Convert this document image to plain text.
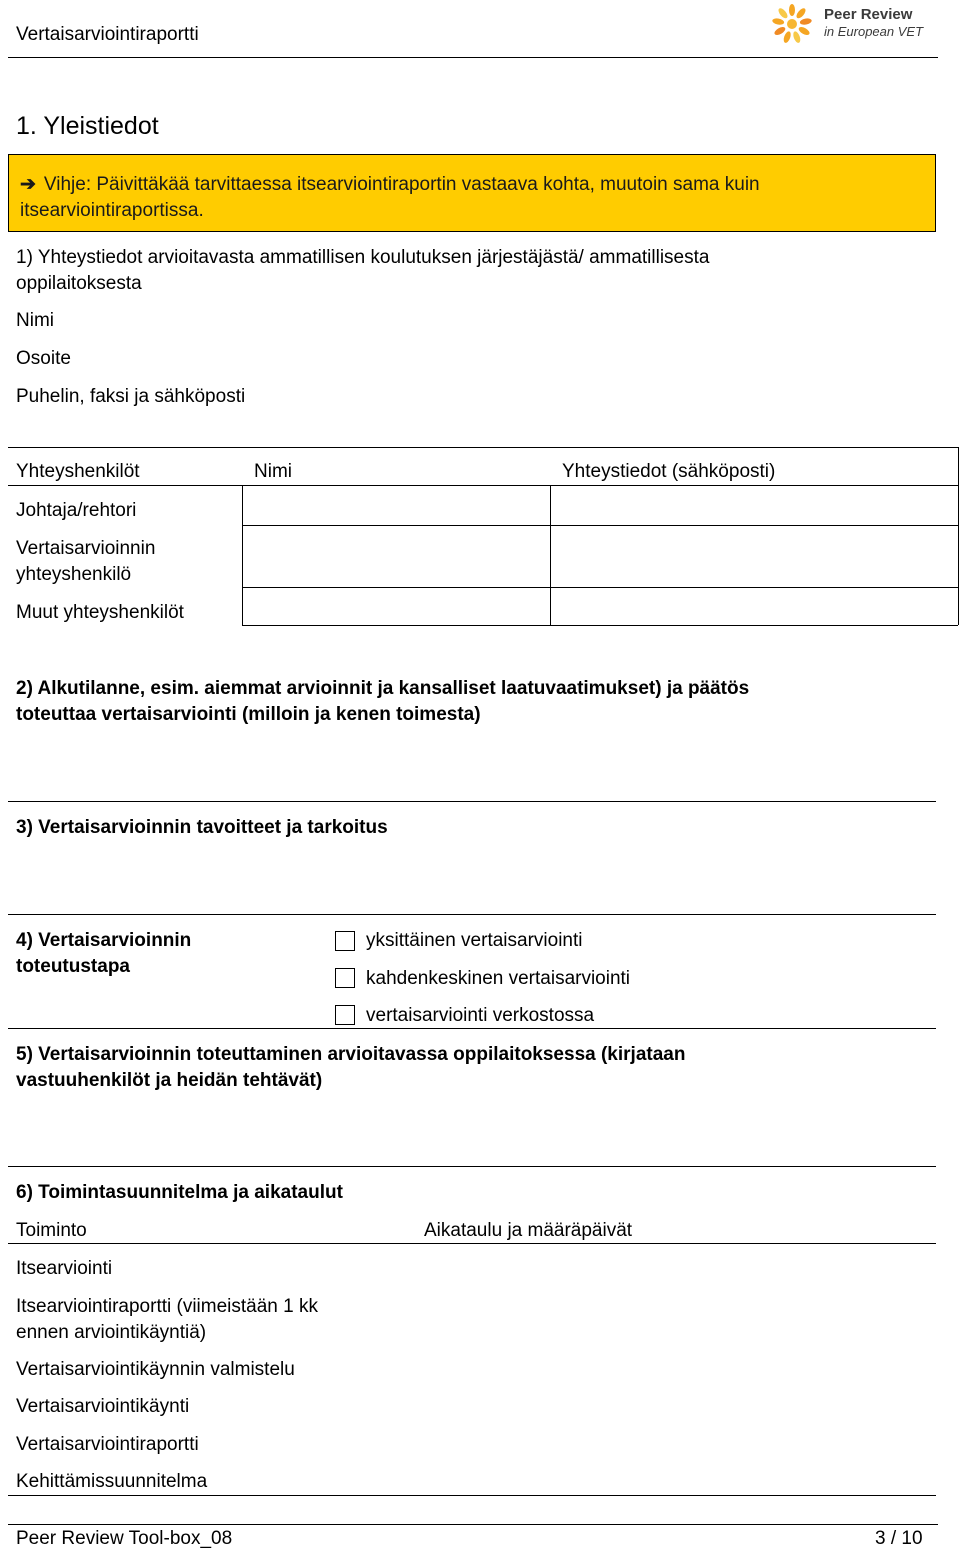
Vertaisarviointiraportti
Peer Review
in European VET
1. Yleistiedot
➔ Vihje: Päivittäkää tarvittaessa itsearviointiraportin vastaava kohta, muutoin sama kuin itsearviointiraportissa.
1) Yhteystiedot arvioitavasta ammatillisen koulutuksen järjestäjästä/ ammatillisesta
oppilaitoksesta
Nimi
Osoite
Puhelin, faksi ja sähköposti
Yhteyshenkilöt	Nimi	Yhteystiedot (sähköposti)
Johtaja/rehtori
Vertaisarvioinnin
yhteyshenkilö
Muut yhteyshenkilöt
2) Alkutilanne, esim. aiemmat arvioinnit ja kansalliset laatuvaatimukset) ja päätös
toteuttaa vertaisarviointi (milloin ja kenen toimesta)
3) Vertaisarvioinnin tavoitteet ja tarkoitus
4) Vertaisarvioinnin
toteutustapa
yksittäinen vertaisarviointi
kahdenkeskinen vertaisarviointi
vertaisarviointi verkostossa
5) Vertaisarvioinnin toteuttaminen arvioitavassa oppilaitoksessa (kirjataan
vastuuhenkilöt ja heidän tehtävät)
6) Toimintasuunnitelma ja aikataulut
Toiminto	Aikataulu ja määräpäivät
Itsearviointi
Itsearviointiraportti (viimeistään 1 kk
ennen arviointikäyntiä)
Vertaisarviointikäynnin valmistelu
Vertaisarviointikäynti
Vertaisarviointiraportti
Kehittämissuunnitelma
Peer Review Tool-box_08	3 / 10
